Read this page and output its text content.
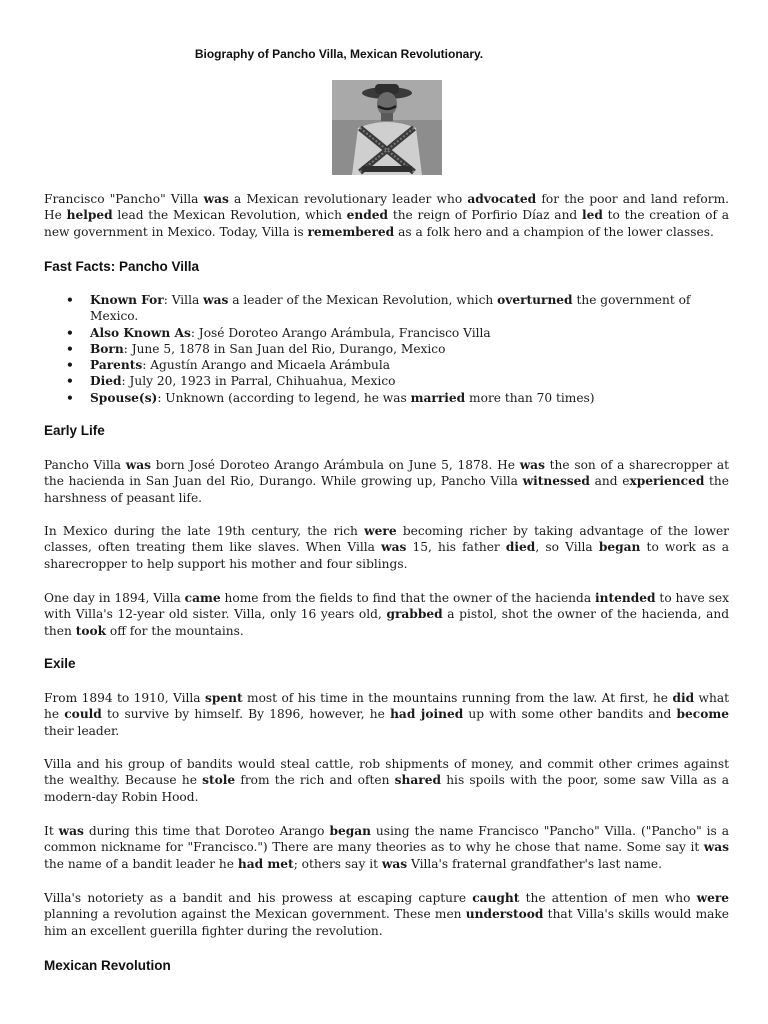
Biography of Pancho Villa, Mexican Revolutionary.

Francisco "Pancho" Villa was a Mexican revolutionary leader who advocated for the poor and land reform. He helped lead the Mexican Revolution, which ended the reign of Porfirio Díaz and led to the creation of a new government in Mexico. Today, Villa is remembered as a folk hero and a champion of the lower classes.

Fast Facts: Pancho Villa
• Known For: Villa was a leader of the Mexican Revolution, which overturned the government of Mexico.
• Also Known As: José Doroteo Arango Arámbula, Francisco Villa
• Born: June 5, 1878 in San Juan del Rio, Durango, Mexico
• Parents: Agustín Arango and Micaela Arámbula
• Died: July 20, 1923 in Parral, Chihuahua, Mexico
• Spouse(s): Unknown (according to legend, he was married more than 70 times)
Early Life

Pancho Villa was born José Doroteo Arango Arámbula on June 5, 1878. He was the son of a sharecropper at the hacienda in San Juan del Rio, Durango. While growing up, Pancho Villa witnessed and experienced the harshness of peasant life.

In Mexico during the late 19th century, the rich were becoming richer by taking advantage of the lower classes, often treating them like slaves. When Villa was 15, his father died, so Villa began to work as a sharecropper to help support his mother and four siblings.

One day in 1894, Villa came home from the fields to find that the owner of the hacienda intended to have sex with Villa's 12-year old sister. Villa, only 16 years old, grabbed a pistol, shot the owner of the hacienda, and then took off for the mountains.

Exile

From 1894 to 1910, Villa spent most of his time in the mountains running from the law. At first, he did what he could to survive by himself. By 1896, however, he had joined up with some other bandits and become their leader.

Villa and his group of bandits would steal cattle, rob shipments of money, and commit other crimes against the wealthy. Because he stole from the rich and often shared his spoils with the poor, some saw Villa as a modern-day Robin Hood.

It was during this time that Doroteo Arango began using the name Francisco "Pancho" Villa. ("Pancho" is a common nickname for "Francisco.") There are many theories as to why he chose that name. Some say it was the name of a bandit leader he had met; others say it was Villa's fraternal grandfather's last name.

Villa's notoriety as a bandit and his prowess at escaping capture caught the attention of men who were planning a revolution against the Mexican government. These men understood that Villa's skills would make him an excellent guerilla fighter during the revolution.

Mexican Revolution
